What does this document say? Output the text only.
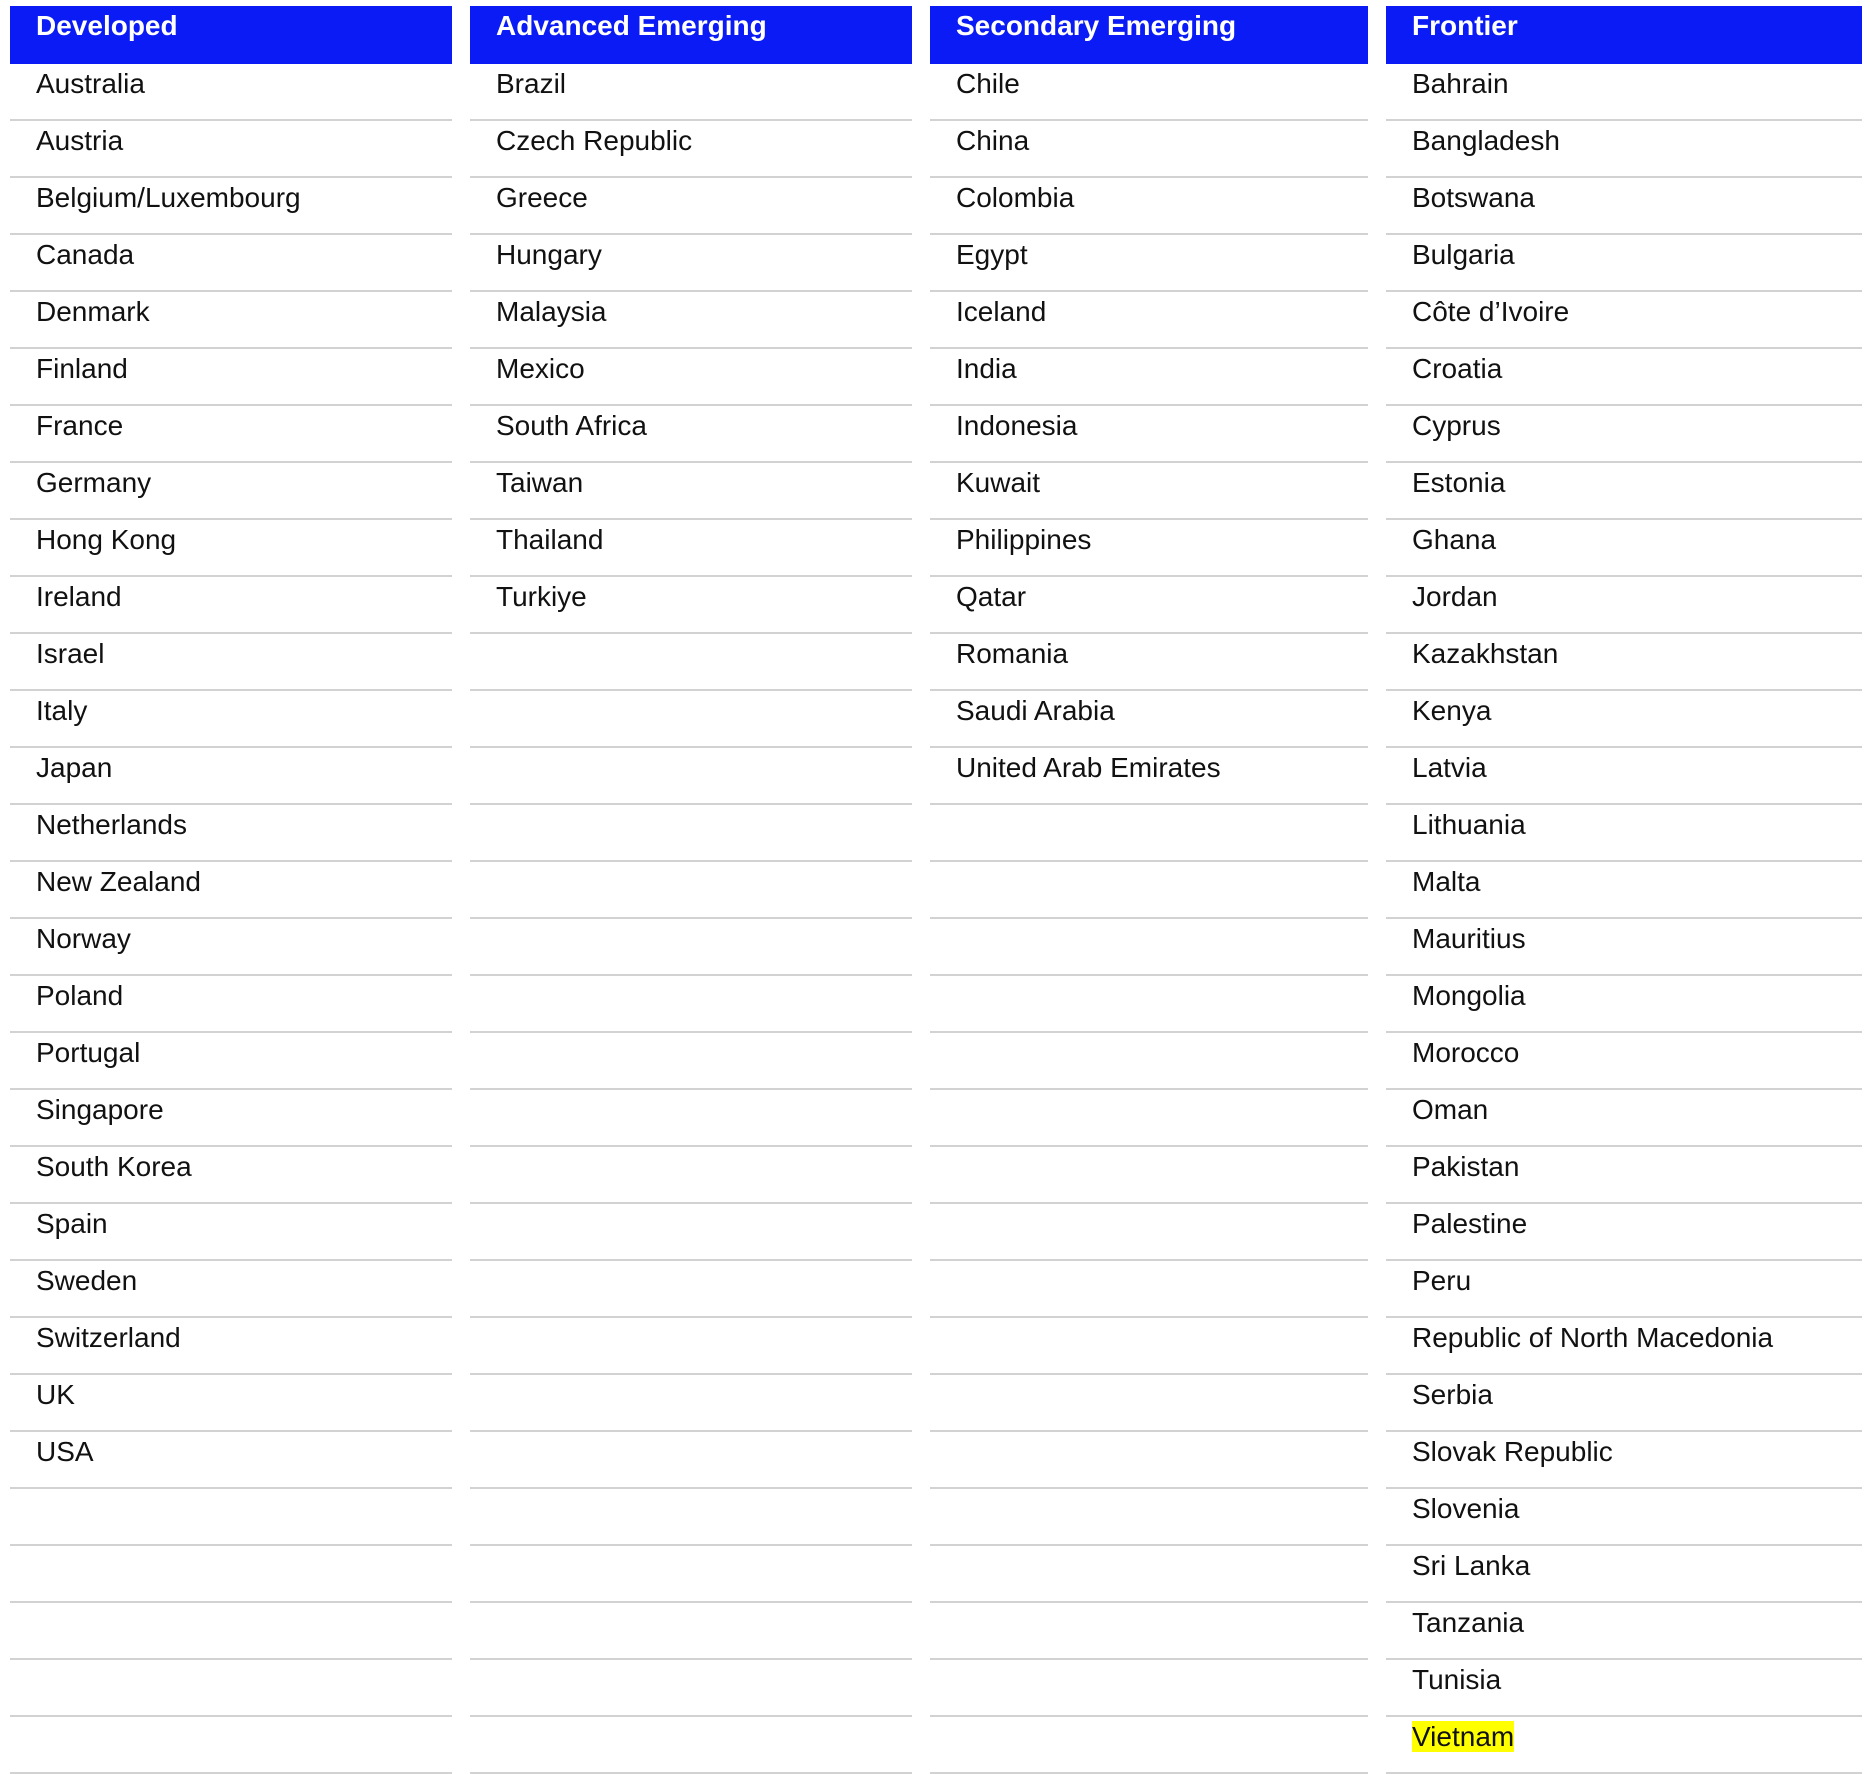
Developed
Australia
Austria
Belgium/Luxembourg
Canada
Denmark
Finland
France
Germany
Hong Kong
Ireland
Israel
Italy
Japan
Netherlands
New Zealand
Norway
Poland
Portugal
Singapore
South Korea
Spain
Sweden
Switzerland
UK
USA
Advanced Emerging
Brazil
Czech Republic
Greece
Hungary
Malaysia
Mexico
South Africa
Taiwan
Thailand
Turkiye
Secondary Emerging
Chile
China
Colombia
Egypt
Iceland
India
Indonesia
Kuwait
Philippines
Qatar
Romania
Saudi Arabia
United Arab Emirates
Frontier
Bahrain
Bangladesh
Botswana
Bulgaria
Côte d’Ivoire
Croatia
Cyprus
Estonia
Ghana
Jordan
Kazakhstan
Kenya
Latvia
Lithuania
Malta
Mauritius
Mongolia
Morocco
Oman
Pakistan
Palestine
Peru
Republic of North Macedonia
Serbia
Slovak Republic
Slovenia
Sri Lanka
Tanzania
Tunisia
Vietnam
